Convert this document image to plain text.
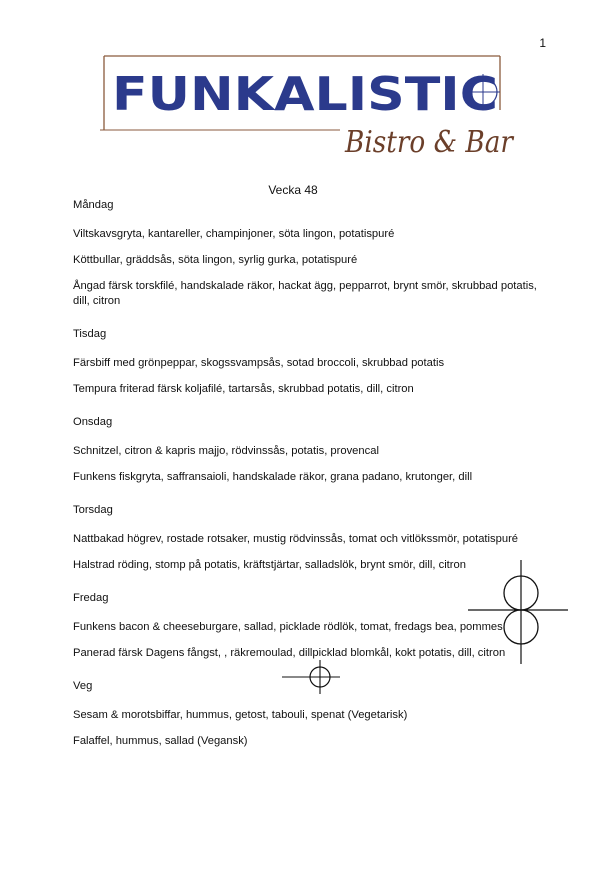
1
FUNKALISTIC
Bistro & Bar
Vecka 48

Måndag

Viltskavsgryta, kantareller, champinjoner, söta lingon, potatispuré

Köttbullar, gräddsås, söta lingon, syrlig gurka, potatispuré

Ångad färsk torskfilé, handskalade räkor, hackat ägg, pepparrot, brynt smör, skrubbad potatis, dill, citron

Tisdag

Färsbiff med grönpeppar, skogssvampsås, sotad broccoli, skrubbad potatis

Tempura friterad färsk koljafilé, tartarsås, skrubbad potatis, dill, citron

Onsdag

Schnitzel, citron & kapris majjo, rödvinssås, potatis, provencal

Funkens fiskgryta, saffransaioli, handskalade räkor, grana padano, krutonger, dill

Torsdag

Nattbakad högrev, rostade rotsaker, mustig rödvinssås, tomat och vitlökssmör, potatispuré

Halstrad röding, stomp på potatis, kräftstjärtar, salladslök, brynt smör, dill, citron

Fredag

Funkens bacon & cheeseburgare, sallad, picklade rödlök, tomat, fredags bea, pommes

Panerad färsk Dagens fångst, , räkremoulad, dillpicklad blomkål, kokt potatis, dill, citron

Veg

Sesam & morotsbiffar, hummus, getost, tabouli, spenat (Vegetarisk)

Falaffel, hummus, sallad (Vegansk)
